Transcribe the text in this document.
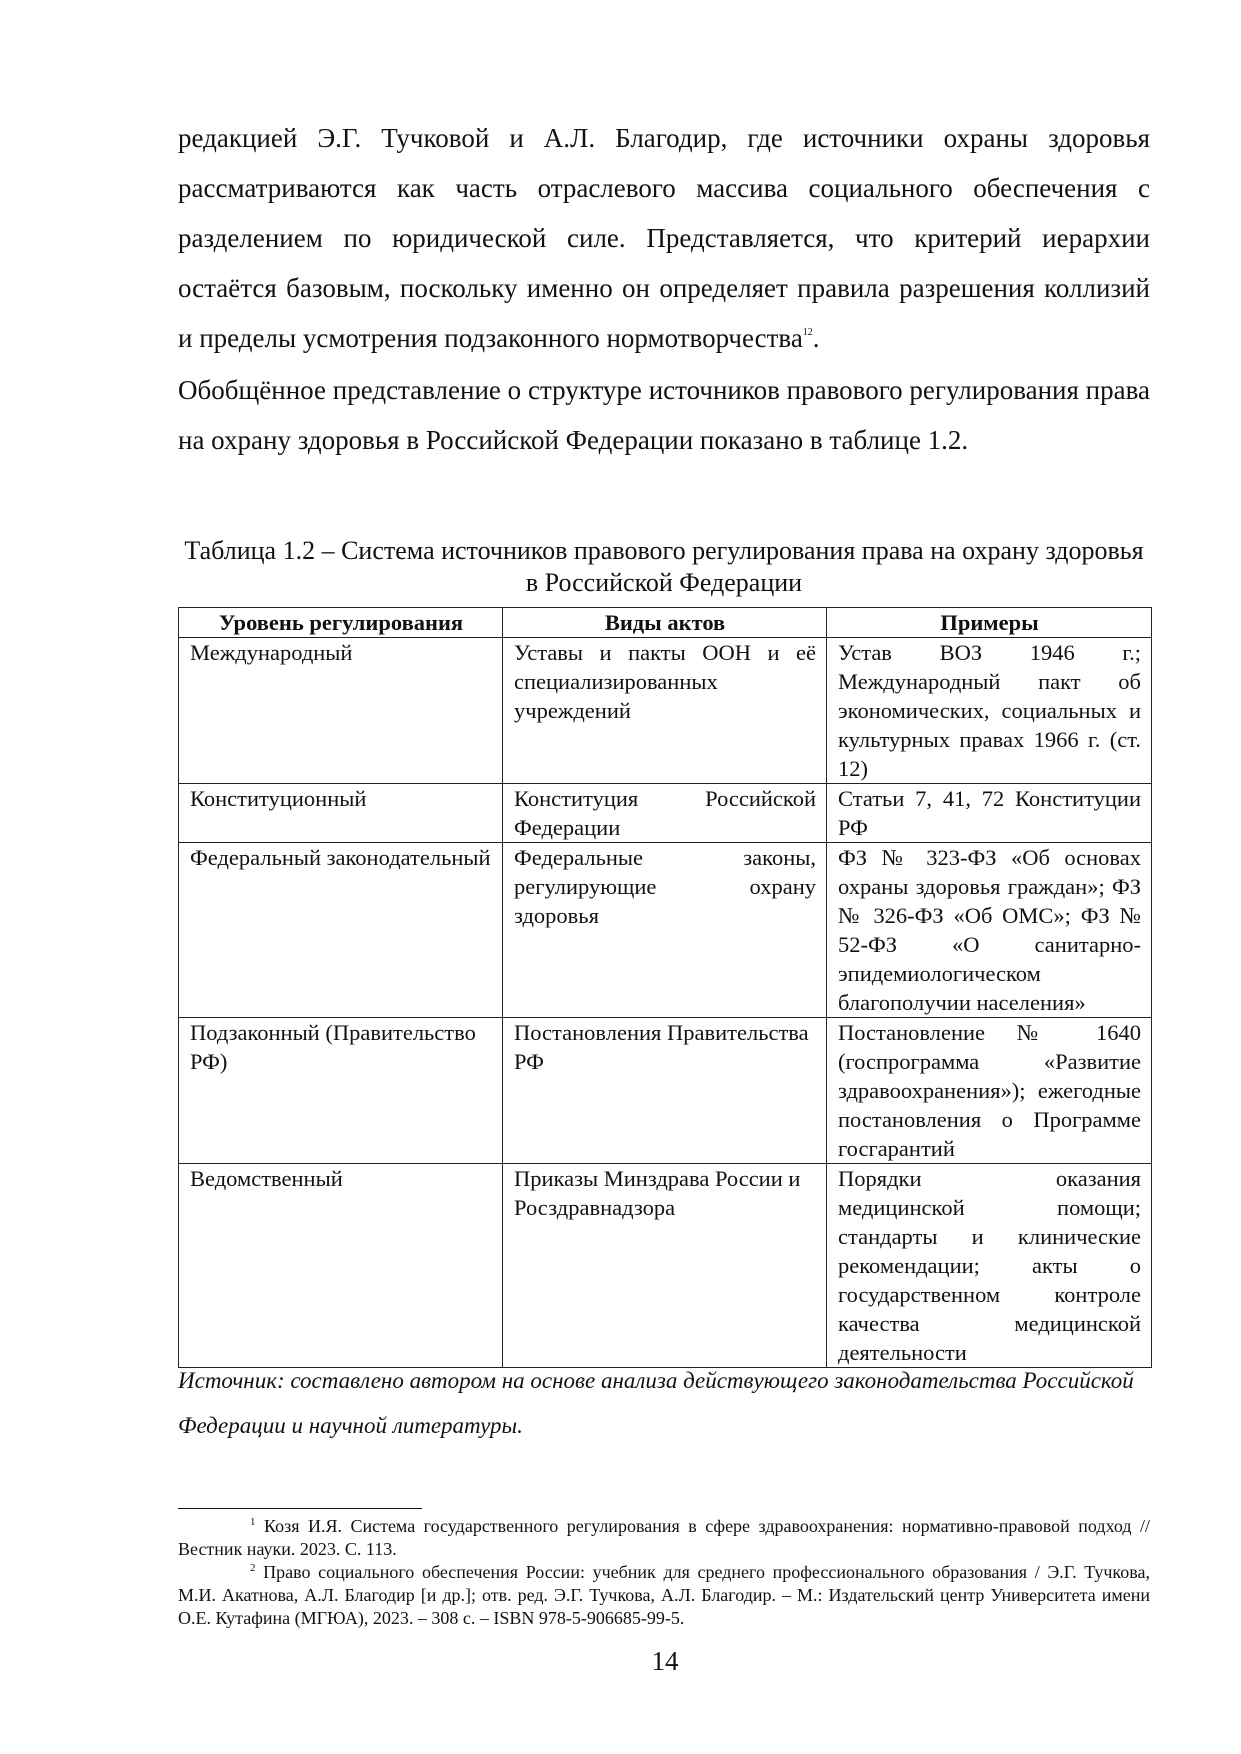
редакцией Э.Г. Тучковой и А.Л. Благодир, где источники охраны здоровья рассматриваются как часть отраслевого массива социального обеспечения с разделением по юридической силе. Представляется, что критерий иерархии остаётся базовым, поскольку именно он определяет правила разрешения коллизий и пределы усмотрения подзаконного нормотворчества$^{12}$.

Обобщённое представление о структуре источников правового регулирования права на охрану здоровья в Российской Федерации показано в таблице 1.2.

Таблица 1.2 – Система источников правового регулирования права на охрану здоровья в Российской Федерации

Уровень регулирования	Виды актов	Примеры
Международный	Уставы и пакты ООН и её специализированных учреждений	Устав ВОЗ 1946 г.; Международный пакт об экономических, социальных и культурных правах 1966 г. (ст. 12)
Конституционный	Конституция Российской Федерации	Статьи 7, 41, 72 Конституции РФ
Федеральный законодательный	Федеральные законы, регулирующие охрану здоровья	ФЗ № 323-ФЗ «Об основах охраны здоровья граждан»; ФЗ № 326-ФЗ «Об ОМС»; ФЗ № 52-ФЗ «О санитарно-эпидемиологическом благополучии населения»
Подзаконный (Правительство РФ)	Постановления Правительства РФ	Постановление № 1640 (госпрограмма «Развитие здравоохранения»); ежегодные постановления о Программе госгарантий
Ведомственный	Приказы Минздрава России и Росздравнадзора	Порядки оказания медицинской помощи; стандарты и клинические рекомендации; акты о государственном контроле качества медицинской деятельности

Источник: составлено автором на основе анализа действующего законодательства Российской Федерации и научной литературы.

$^1$ Козя И.Я. Система государственного регулирования в сфере здравоохранения: нормативно-правовой подход // Вестник науки. 2023. С. 113.

$^2$ Право социального обеспечения России: учебник для среднего профессионального образования / Э.Г. Тучкова, М.И. Акатнова, А.Л. Благодир [и др.]; отв. ред. Э.Г. Тучкова, А.Л. Благодир. – М.: Издательский центр Университета имени О.Е. Кутафина (МГЮА), 2023. – 308 с. – ISBN 978-5-906685-99-5.

14
